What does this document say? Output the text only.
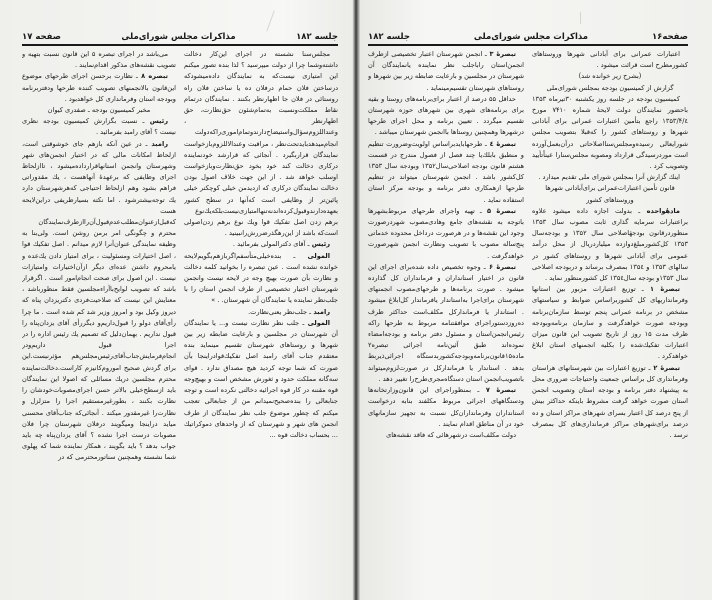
جلسه ۱۸۲
مذاکرات مجلس شورای‌ملی
صفحه ۱۷

مجلس‌سنا نشسته در اجرای این‌کار دخالت داشته‌وشما چرا از دولت میپرسید ؟ لذا بنده تصور میکنم این امتیازی نیست‌که به نمایندگان داده‌میشود‌که درساختن فلان حمام درفلان ده یا ساختن فلان راه روستائی در فلان جا اظهارنظر بکنند . نمایندگان درتمام نقاط مملکت‌ونسبت به‌تمام‌شئون حق‌نظارت، حق اظهارنظر ، وعنداللزوم‌سؤال‌واستیضاح‌دارندو‌تمام‌اموری‌راکه‌دولت انجام‌میدهدبایدتحت‌نظر ، مراقبت وعندالاللزوم‌بازخواست نمایندگان قراربگیرد . آنجائی که قرارشد خودنماینده درکاری دخالت کند خود بخود حق‌نظارت‌وبازخواست اوسلب خواهد شد . از این جهت خلاف اصول بودن دخالت نمایندگان درکاری که ازدیدمن خیلی کوچکتر خیلی پائین‌تر از وظایفی است که‌آنها در سطح کشور بعهده‌دارندوقبول‌کرده‌اندنه‌تنهاامتیازی‌نیست‌بلکه‌یك‌نوع برهم زدن اصل تفکیك قوا ویك نوع برهم زدن‌اصولی است‌که باشد از این‌رهگذرضررش‌رانبینید .

رئیس ـ آقای دکترالمولی بفرمائید .

المولی ـ بنده‌خیلی‌متأسفم‌اگربازهم‌بگویم‌لایحه خوانده نشده است . عین تبصره را بخوانید کلمه دخالت و نظارت بآن صورت بهیچ وجه در لایحه نیست وانجمن شهرستان اختیار تخصیصی از طرف انجمن استان را با جلب‌نظر نماینده یا نمایندگان آن شهرستان. . »

رامبد ـ جلب‌نظر یعنی‌نظارت.

المولی ـ جلب نظر نظارت نیست و... یا نمایندگان آن شهرستان در مجلسین و بارعایت ضابطه زیر بین شهرها و روستاهای شهرستان تقسیم مینماید بنده معتقدم جناب آقای رامبد اصل تفکیك‌قوادراینجا بآن صورت که شما توجه کردید هیچ مصداق ندارد . قوای سه‌گانه مملکت حدود و ثغورش مشخص است و بهیچ‌وجه قوه مقننه در کار قوه اجرائیه دخالتی نکرده است و توجه جنابعالی را بنده‌صحیح‌نمیدانم من از جنابعالی تعجب میکنم که چطور موضوع جلب نظر نمایندگان از طرف انجمن های شهر و شهرستان که از واحدهای دموکراتیك‌ ... بحساب دخالت قوه ...

می‌باشد در اجرای تبصره ۵ این قانون نسبت بتهیه و تصویب نقشه‌های مذکور اقدام‌نمایند .

تبصره ۸ ـ نظارت برحسن اجرای طرحهای موضوع این‌قانون بالانجمنهای تصویب کننده طرحها ودفتربرنامه وبودجه استان وفرمانداری کل خواهدبود .

مخبر کمیسیون بودجه ـ صفدری کیوان

رئیس ـ نسبت بگزارش کمیسیون بودجه نظری نیست ؟ آقای رامبد بفرمائید .

رامبد ـ در عین آنکه بازهم جای خوشوقتی است، ازلحاظ امکانات مالی که در اختیار انجمن‌های شهر وشهرستان وانجمن استانهاقرارداده‌میشود ، تاازلحاظ اجرای وظایفی که برعهدهٔ آنهاهست ، یك مقدوراتی فراهم بشود وهم ازلحاظ احتیاجی که‌هرشهرستان دارد یك توجه‌بیشترشود . اما نکته بسیارظریفی دراین‌لایحه هست که‌قبل‌ازعنوان‌مطلب‌عدم‌قبول‌آن‌را‌ازطرف‌نمایندگان محترم و چگونگی امر برمن روشن است. ولی‌بنا به وظیفه نمایندگی عنوان‌آنرا لازم میدانم . اصل تفکیك قوا ، اصل اختیارات ومسئولیت ، برای امتیاز دادن یك‌عده و یامحروم داشتن عده‌ای دیگر ازآن‌اختیارات وامتیازات نیست . این اصول برای صحت انجام‌امور است . اگرقرار باشد که تصویب لوایح‌باآرا‌ءمجلسین فقط منظورباشد ، معنایش این نیست که صلاحیت‌فردی دکتریزدان پناه که دیروز وکیل بود و امروز وزیر شد کم شده است . ما چرا رأی‌آقای دولو را قبول‌داریم‌و دیگررأی آقای یزدان‌پناه را قبول نداریم . بهمان‌دلیل که تصمیم یك رئیس اداره را در اجرا قبول داریم‌ودر انجام‌فرمایش‌جناب‌آقای‌رئیس‌مجلس‌هم مؤثرنیست.این برای گردش صحیح اموروم‌کانیزم کاراست.دخالت‌نماینده محترم مجلسین دریك مسائلی که اصولا این نمایندگان باید ازسطح‌خیلی بالاتر حسن اجرای‌مصوبات‌خودشان را نظارت بکنند ، بطورغیرمستقیم اجرا را متزلزل و نظارت‌را غیرمقدور میکند . آنجائی‌که جناب‌آقای محسنی میاید دراینجا ومیگویند درفلان شهرستان چرا فلان مصوبات درست اجرا نشده ؟ آقای یزدان‌پناه چه باید جواب بدهد ؟ باید بگویند ، همکار نماینده شما که پهلوی شما نشسته وهمچنین سناتورمحترمی که در

صفحه۱۶
مذاکرات مجلس شورای‌ملی
جلسه ۱۸۲

اعتبارات عمرانی برای آبادانی شهرها وروستاهای کشورمطرح است قرائت میشود .

(بشرح زیر خوانده شد)

گزارش از کمیسیون بودجه بمجلس شورای‌ملی

کمیسیون بودجه در جلسه روز یکشنبه ۳۰تیرماه ۱۳۵۳ باحضور نمایندگان دولت لایحهٔ شماره ۷۴۱۰ مورخ ۱۳۵۳/۴/٤ راجع بتأمین اعتبارات عمرانی برای آبادانی شهرها و روستاهای کشور را که‌قبلا بتصویب مجلس شورایعالی رسیده‌ومجلس‌سنااصلاحاتی درآن‌بعمل‌آورده است موردرسیدگی قرارداد ومصوبه مجلس‌سنارا عیناً‌تأیید وتصویب کرد .

اینك گزارش آنرا بمجلس شورای ملی تقدیم میدارد .

قانون تأمین اعتبارات‌عمرانی برای‌آبادانی شهرها وروستاهای کشور

مادهٔواحده ـ بدولت اجازه داده میشود علاوه براعتبارات سرمایه گذاری ثابت مصوب سال ۱۳۵۳ منظوردرقانون بودجهٔاصلاحی سال ۱۳۵۲ و بودجه‌سال ۱۳۵۳ کل‌کشورمبلغ‌دوازده میلیاردریال از محل درآمد عمومی برای آبادانی شهرها و روستاهای کشور در سالهای ۱۳۵۳ و ۱۳۵٤ بمصرف برساند و دربودجه اصلاحی سال ۱۳۵۳و بودجه سال۱۳۵٤ کل کشورمنظور نماید .

تبصرهٔ ۱ ـ توزیع اعتبارات مزبور بین استانها وفرمانداریهای کل کشوربراساس ضوابط و سیاستهای مشخص در برنامه عمرانی پنجم توسط سازمان‌برنامه وبودجه صورت خواهدگرفت و سازمان برنامه‌وبودجه ظرف مدت ۱۵ روز از تاریخ تصویب این قانون میزان اعتبارات تفکیك‌شده را بکلیه انجمنهای استان ابلاغ خواهدکرد .

تبصرهٔ ۲ ـ توزیع اعتبارات بین شهرستانهای هراستان وفرمانداری کل براساس جمعیت واحتیاجات ضروری محل به پیشنهاد دفتر برنامه و بودجه استان وتصویب انجمن استان صورت خواهد گرفت مشروط باینکه حداکثر بیش از پنج درصد کل اعتبار بسرای شهرهای مراکز استان و ده درصد برای‌شهرهای مراکز فرمانداری‌های کل بمصرف نرسد .

تبصرهٔ ۳ ـ انجمن شهرستان اعتبار تخصیصی ازطرف انجمن‌استان رابا‌جلب نظر نماینده یانمایندگان آن شهرستان در مجلسین و بارعایت ضابطه زیر بین شهرها و روستاهای شهرستان تقسیم‌مینماید .

حداقل ۵۵ درصد از اعتبار برای‌برنامه‌های روستا و بقیه برای برنامه‌های شهری بین شهرهای حوزه شهرستان تقسیم میگردد . تعیین برنامه و محل اجرای طرحها درشهرها وهمچنین روستاها باانجمن شهرستان میباشد .

تبصرهٔ ٤ ـ طرحهاباید‌بر‌اساس اولویت‌وضرورت تنظیم و منطبق بابلك‌یا چند فصل از فصول مندرج در قسمت هشتم قانون بودجه اصلاحی‌سال۱۳۵۲ وبودجه سال ۱۳۵۳ کل‌کشور باشد . انجمن شهرستان میتواند در تنظیم طرحها ازهمکاری دفتر برنامه و بودجه مرکز استان استفاده نماید .

تبصرهٔ ۵ ـ تهیه واجرای طرحهای مربوط‌بشهرها باتوجه به نقشه‌های جامع وهادی‌مصوب شهردرصورت وجود این نقشه‌ها و در هرصورت درداخل محدوده خدماتی پنج‌ساله مصوب با تصویب ونظارت انجمن شهرصورت خواهدگرفت .

تبصرهٔ ۶ ـ وجوه تخصیص داده شده‌برای اجرای این قانون در اختیار استانداران و فرمانداران کل گذارده میشود . صورت برنامه‌ها و طرحهای‌مصوب انجمنهای شهرستان برای‌اجرا به‌استاندار یافرماندار کل‌ابلاغ میشود . استاندار یا فرماندارکل مکلف‌است حداکثر ظرف ده‌روزدستوراجرای موافقتنامه مربوط به طرحها راکه رئیس‌انجمن‌استان و مسئول دفتر برنامه و بودجه‌امضاء نموده‌اند طبق آئین‌نامه اجرائی تبصره۲ ماده۱۵قانون‌برنامه‌و‌بودجه‌کشوربدستگاه اجرائی‌ذیربط بدهد . استاندار یا فرماندارکل در صورت‌لزوم‌میتواند باتصویب‌انجمن استان دستگاه‌مجری‌طرح‌را تغییر دهد .

تبصرهٔ ۷ ـ بمنظوراجرای این قانون‌وزارتخانه‌ها ودستگاههای اجرائی مربوط مکلفند بنابه درخواست استانداران وفرمانداران‌کل نسبت به تجهیز سازمانهای خود در آن مناطق اقدام نمایند .

دولت مکلف‌است درشهرهائی که فاقد نقشه‌های
